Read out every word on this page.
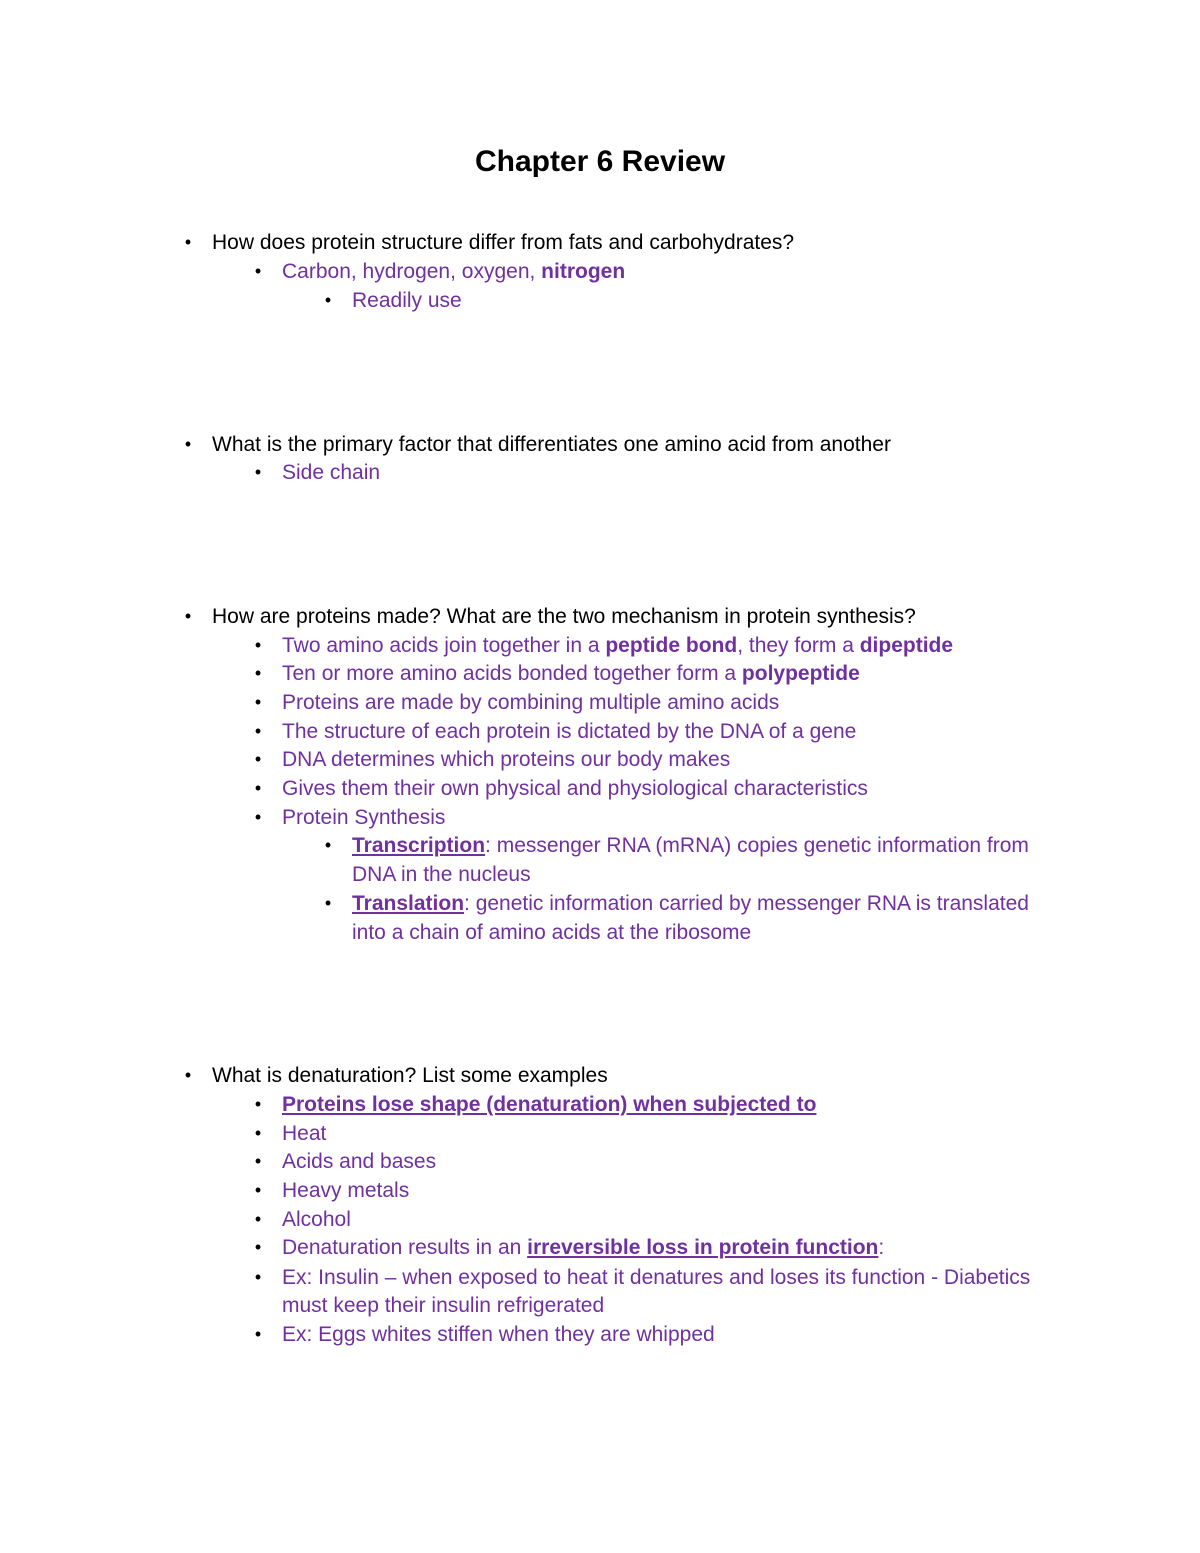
Chapter 6 Review
• How does protein structure differ from fats and carbohydrates?
• Carbon, hydrogen, oxygen, nitrogen
• Readily use
• What is the primary factor that differentiates one amino acid from another
• Side chain
• How are proteins made? What are the two mechanism in protein synthesis?
• Two amino acids join together in a peptide bond, they form a dipeptide
• Ten or more amino acids bonded together form a polypeptide
• Proteins are made by combining multiple amino acids
• The structure of each protein is dictated by the DNA of a gene
• DNA determines which proteins our body makes
• Gives them their own physical and physiological characteristics
• Protein Synthesis
• Transcription: messenger RNA (mRNA) copies genetic information from
DNA in the nucleus
• Translation: genetic information carried by messenger RNA is translated
into a chain of amino acids at the ribosome
• What is denaturation? List some examples
• Proteins lose shape (denaturation) when subjected to
• Heat
• Acids and bases
• Heavy metals
• Alcohol
• Denaturation results in an irreversible loss in protein function:
• Ex: Insulin – when exposed to heat it denatures and loses its function - Diabetics
must keep their insulin refrigerated
• Ex: Eggs whites stiffen when they are whipped
